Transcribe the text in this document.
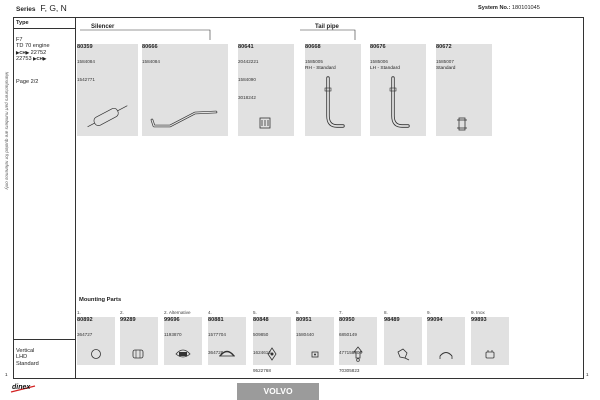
Manufacturers part numbers are quoted for reference only
Series F, G, N	System No.: 180101045
Type
F7
TD 70 engine
▶CH▶ 22752
22753 ▶CH▶
Page 2/2
Vertical
LHD
Standard
Silencer	Tail pipe
80359
1584084
1542771
80666
1584084
80641
20442221
1584090
3018242
80668
1585005
RH - Standard
80676
1585006
LH - Standard
80672
1585007
Standard
Mounting Parts
1.
80892
364727
2.
99289
2. Alternative
99696
1193870
4.
80881
1577704
364728
5.
80848
509850
1624612
9522768
6.
80951
1580440
7.
80950
6850149
477158800
70305823
8.
98489
9.
99094
9. Inox
99893
1	1
dinex	VOLVO
